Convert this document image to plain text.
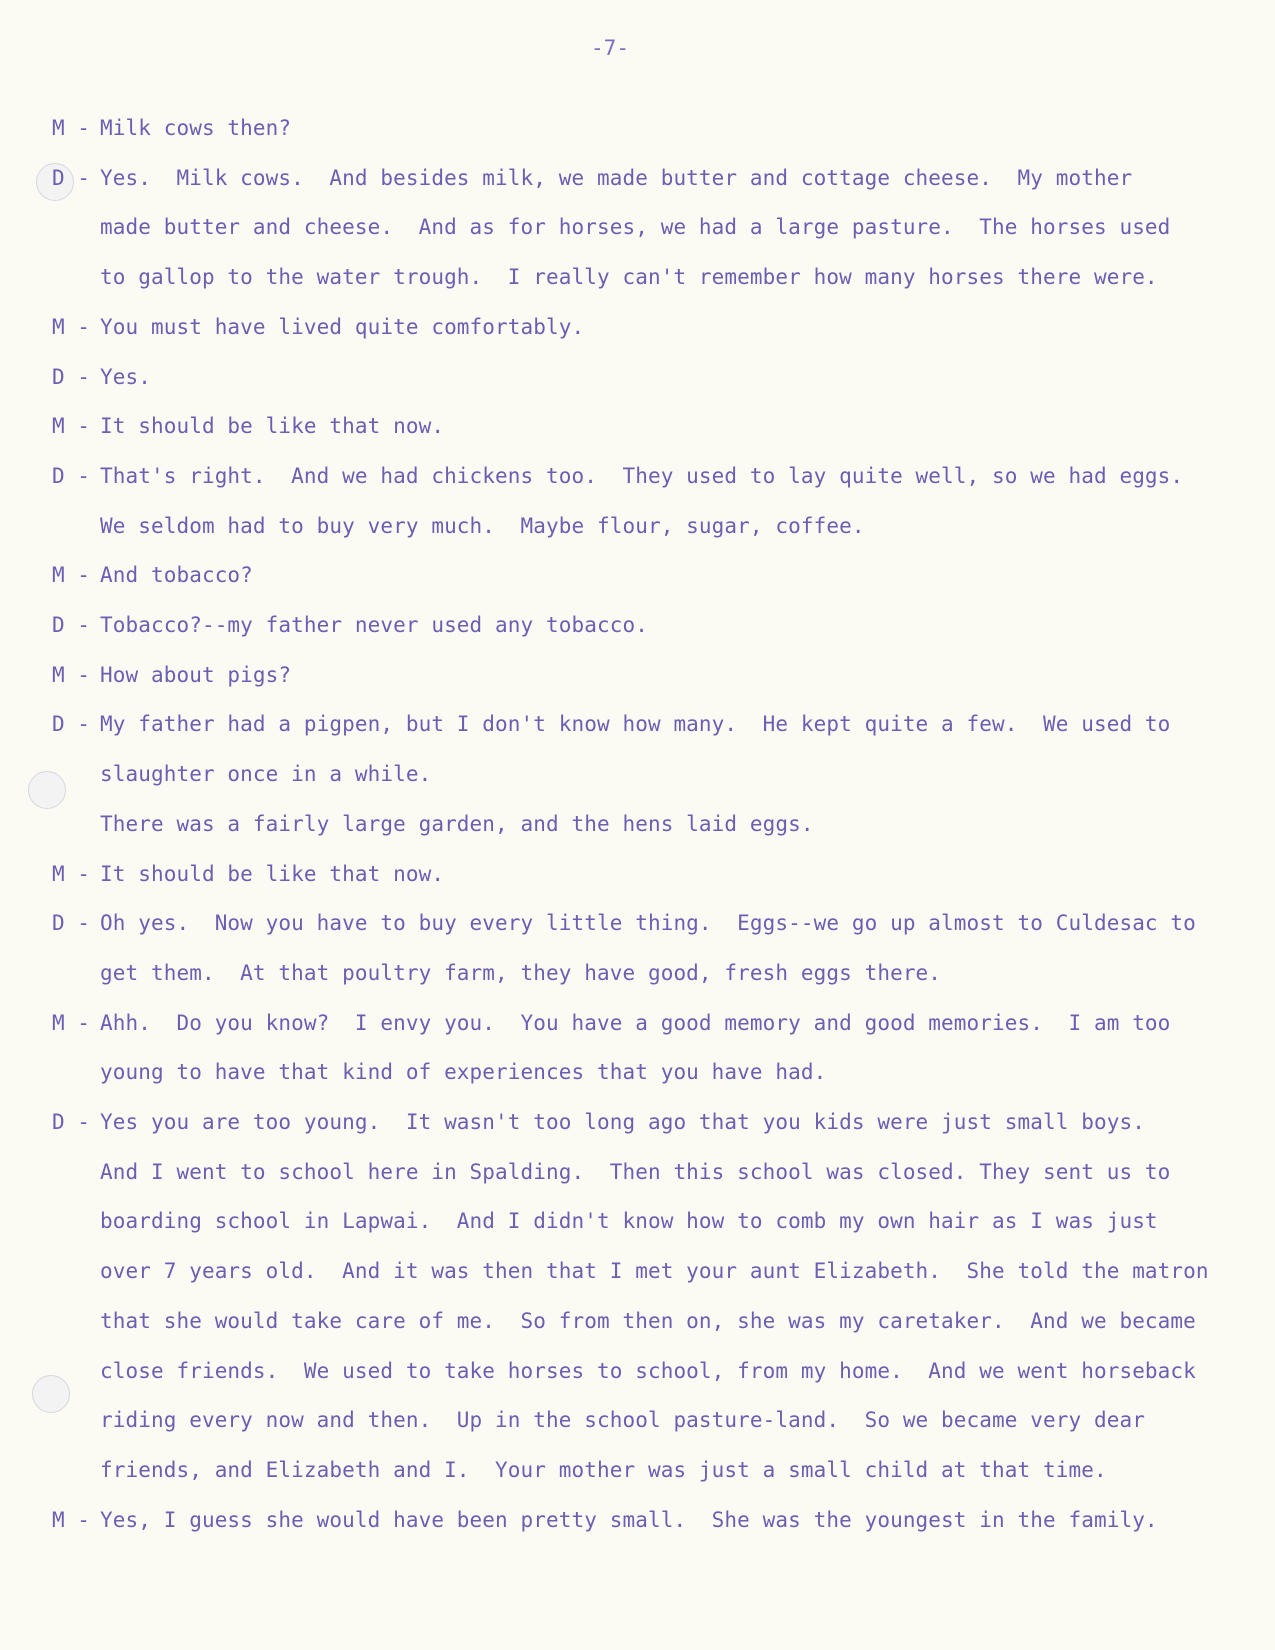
-7-
M -
Milk cows then?
D -
Yes.  Milk cows.  And besides milk, we made butter and cottage cheese.  My mother
made butter and cheese.  And as for horses, we had a large pasture.  The horses used
to gallop to the water trough.  I really can't remember how many horses there were.
M -
You must have lived quite comfortably.
D -
Yes.
M -
It should be like that now.
D -
That's right.  And we had chickens too.  They used to lay quite well, so we had eggs.
We seldom had to buy very much.  Maybe flour, sugar, coffee.
M -
And tobacco?
D -
Tobacco?--my father never used any tobacco.
M -
How about pigs?
D -
My father had a pigpen, but I don't know how many.  He kept quite a few.  We used to
slaughter once in a while.
There was a fairly large garden, and the hens laid eggs.
M -
It should be like that now.
D -
Oh yes.  Now you have to buy every little thing.  Eggs--we go up almost to Culdesac to
get them.  At that poultry farm, they have good, fresh eggs there.
M -
Ahh.  Do you know?  I envy you.  You have a good memory and good memories.  I am too
young to have that kind of experiences that you have had.
D -
Yes you are too young.  It wasn't too long ago that you kids were just small boys.
And I went to school here in Spalding.  Then this school was closed. They sent us to
boarding school in Lapwai.  And I didn't know how to comb my own hair as I was just
over 7 years old.  And it was then that I met your aunt Elizabeth.  She told the matron
that she would take care of me.  So from then on, she was my caretaker.  And we became
close friends.  We used to take horses to school, from my home.  And we went horseback
riding every now and then.  Up in the school pasture-land.  So we became very dear
friends, and Elizabeth and I.  Your mother was just a small child at that time.
M -
Yes, I guess she would have been pretty small.  She was the youngest in the family.
